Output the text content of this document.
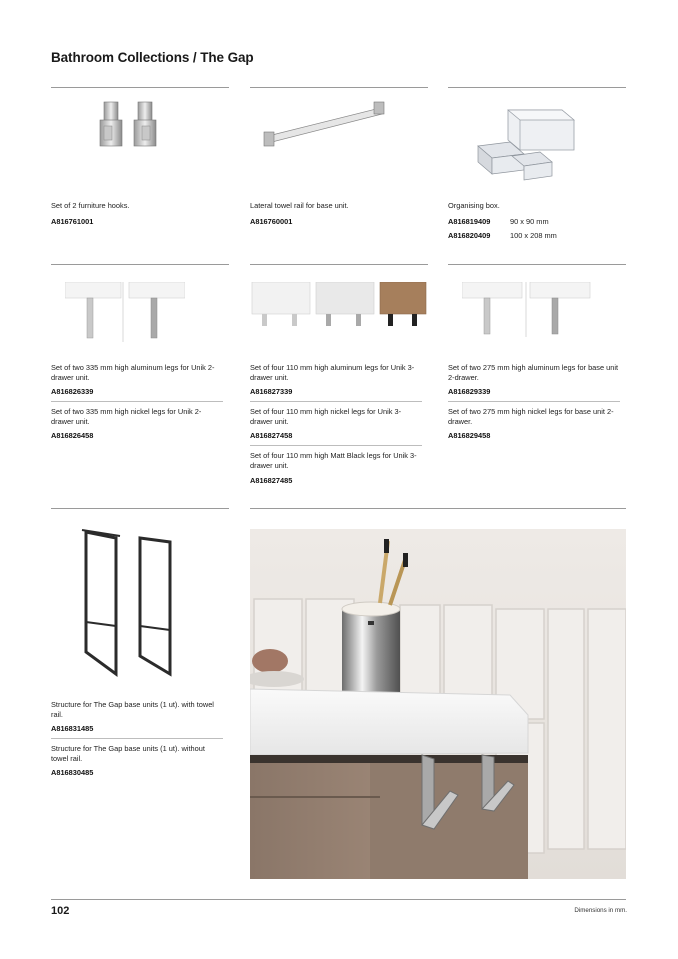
Bathroom Collections / The Gap
Set of 2 furniture hooks.
A816761001
Lateral towel rail for base unit.
A816760001
Organising box.
A816819409	90 x 90 mm
A816820409	100 x 208 mm
Set of two 335 mm high aluminum legs for Unik 2-drawer unit.
A816826339
Set of two 335 mm high nickel legs for Unik 2-drawer unit.
A816826458
Set of four 110 mm high aluminum legs for Unik 3-drawer unit.
A816827339
Set of four 110 mm high nickel legs for Unik 3-drawer unit.
A816827458
Set of four 110 mm high Matt Black legs for Unik 3-drawer unit.
A816827485
Set of two 275 mm high aluminum legs for base unit 2-drawer.
A816829339
Set of two 275 mm high nickel legs for base unit 2-drawer.
A816829458
Structure for The Gap base units (1 ut). with towel rail.
A816831485
Structure for The Gap base units (1 ut). without towel rail.
A816830485
102	Dimensions in mm.
